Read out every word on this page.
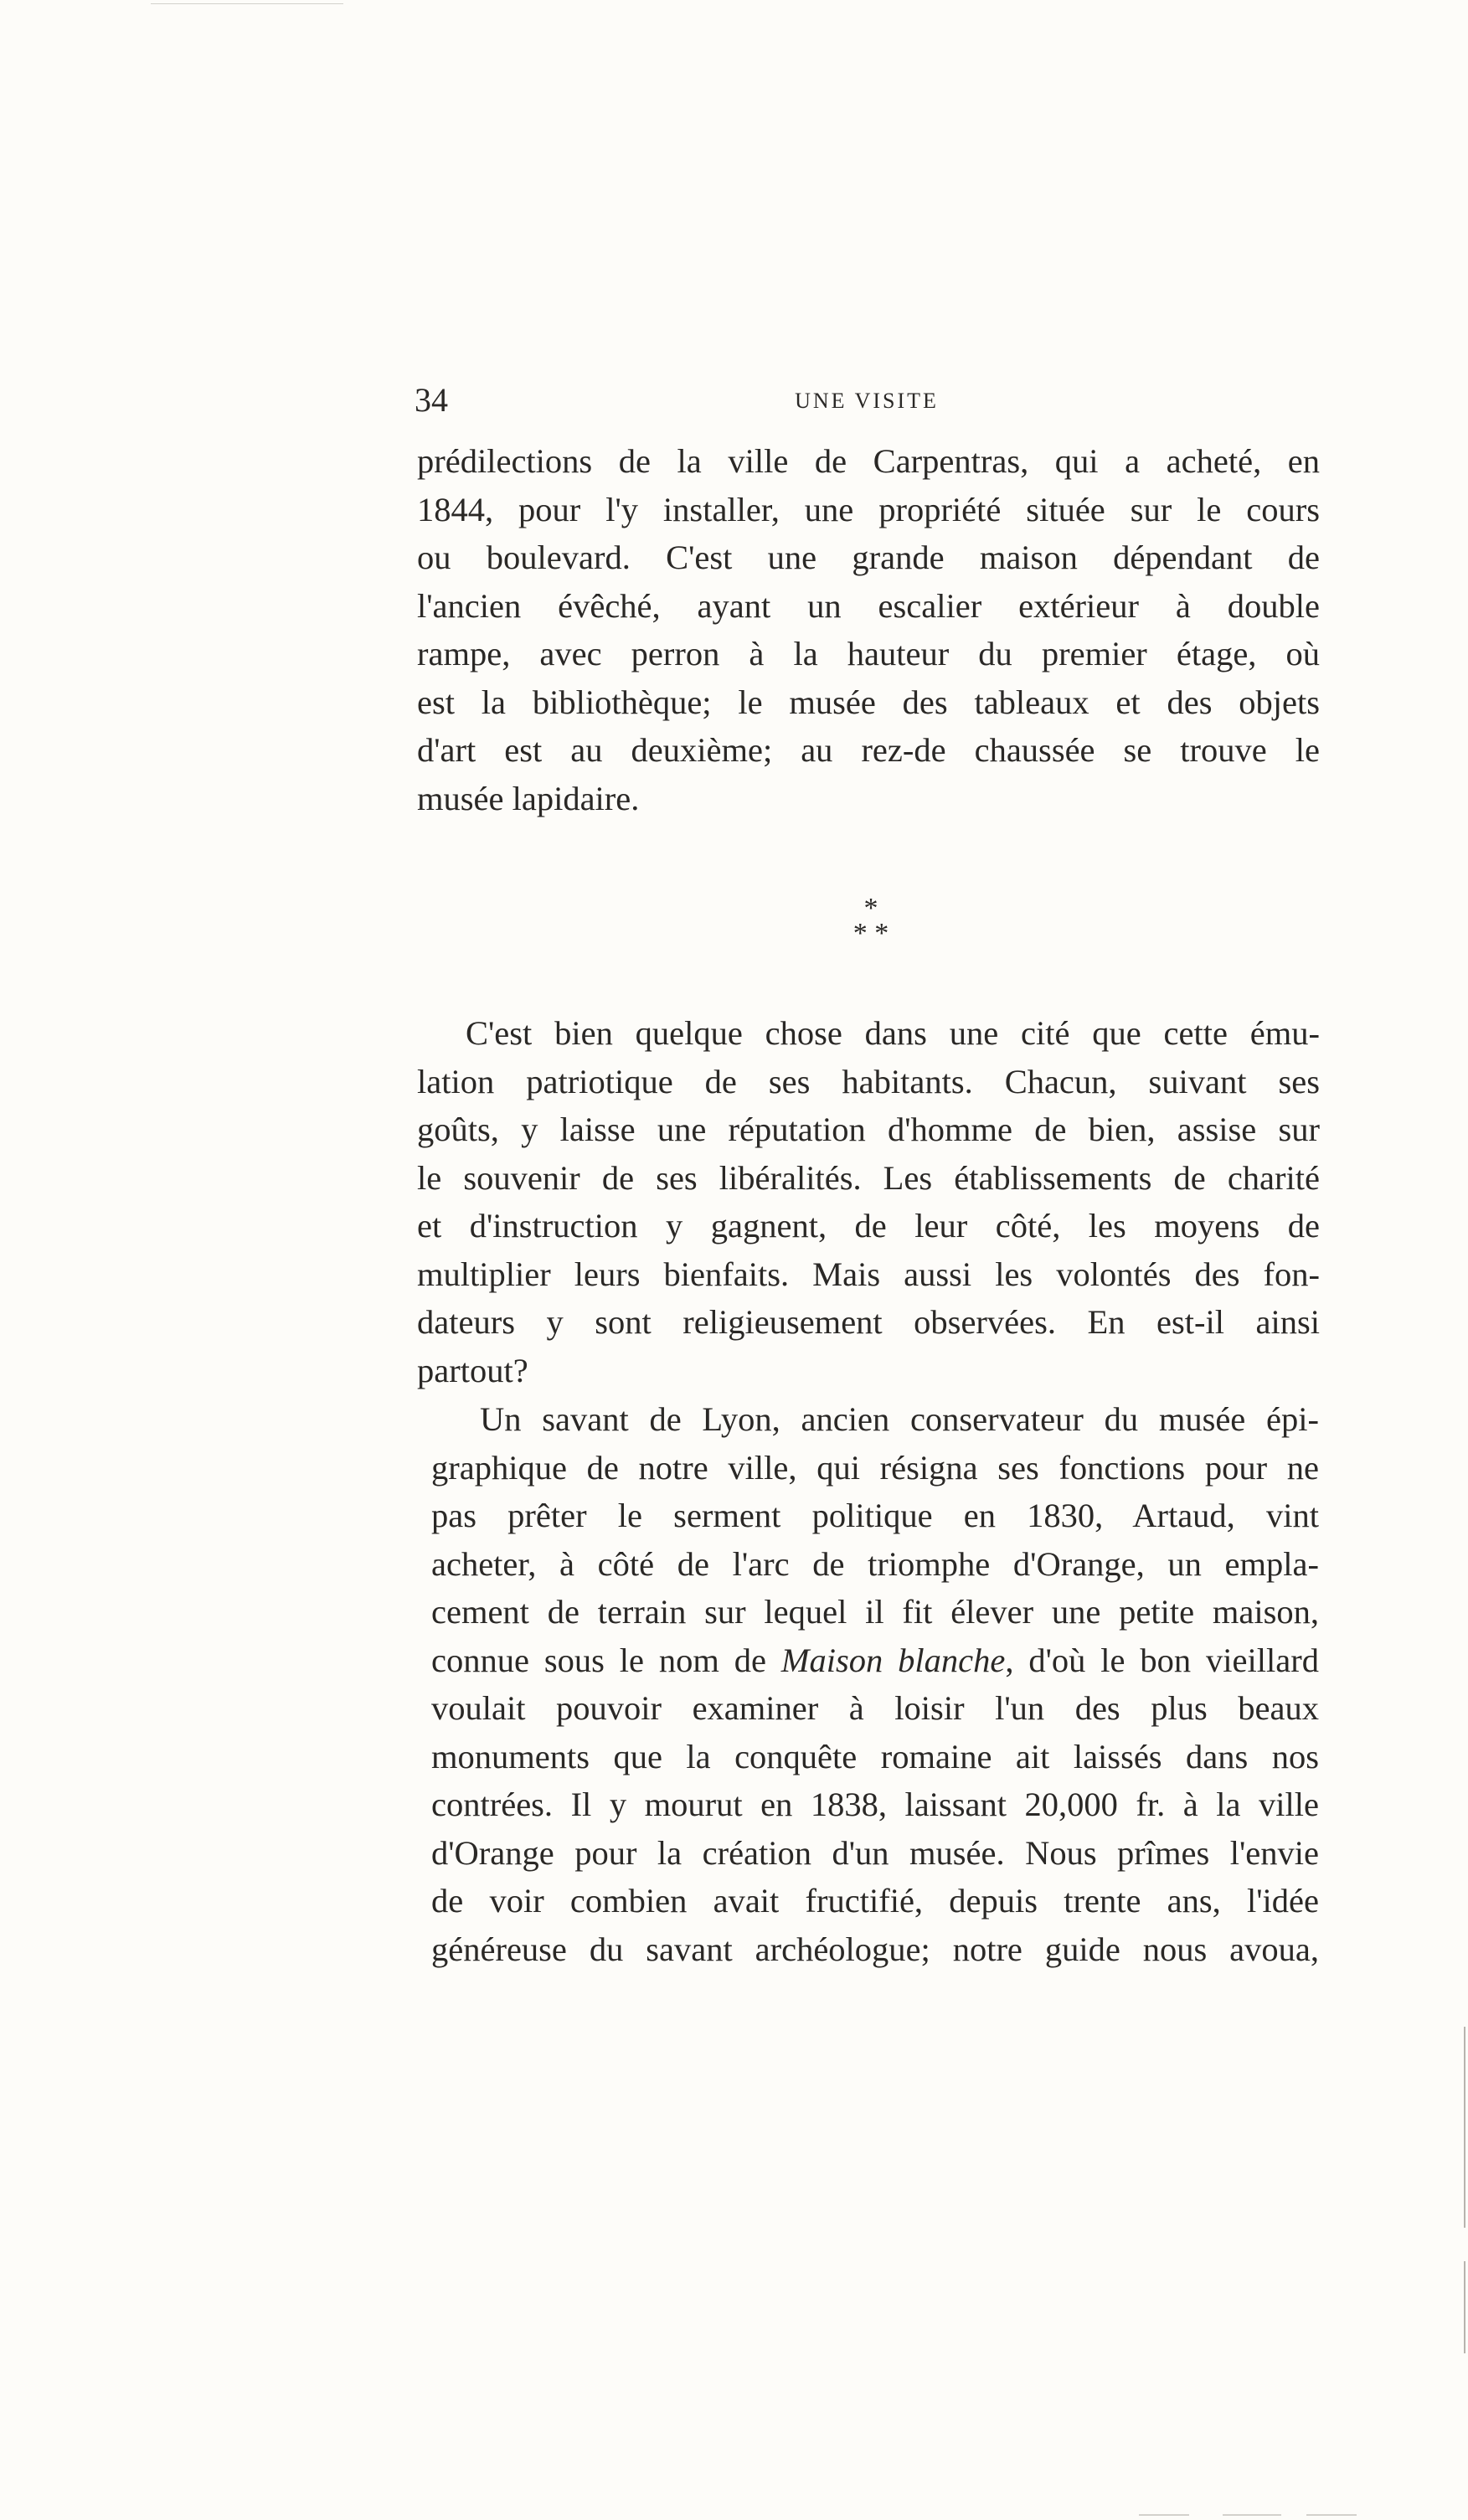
34	UNE VISITE
prédilections de la ville de Carpentras, qui a acheté, en
1844, pour l'y installer, une propriété située sur le cours
ou boulevard. C'est une grande maison dépendant de
l'ancien évêché, ayant un escalier extérieur à double
rampe, avec perron à la hauteur du premier étage, où
est la bibliothèque; le musée des tableaux et des objets
d'art est au deuxième; au rez-de chaussée se trouve le
musée lapidaire.
*
* *
C'est bien quelque chose dans une cité que cette ému-
lation patriotique de ses habitants. Chacun, suivant ses
goûts, y laisse une réputation d'homme de bien, assise sur
le souvenir de ses libéralités. Les établissements de charité
et d'instruction y gagnent, de leur côté, les moyens de
multiplier leurs bienfaits. Mais aussi les volontés des fon-
dateurs y sont religieusement observées. En est-il ainsi
partout?
Un savant de Lyon, ancien conservateur du musée épi-
graphique de notre ville, qui résigna ses fonctions pour ne
pas prêter le serment politique en 1830, Artaud, vint
acheter, à côté de l'arc de triomphe d'Orange, un empla-
cement de terrain sur lequel il fit élever une petite maison,
connue sous le nom de Maison blanche, d'où le bon vieillard
voulait pouvoir examiner à loisir l'un des plus beaux
monuments que la conquête romaine ait laissés dans nos
contrées. Il y mourut en 1838, laissant 20,000 fr. à la ville
d'Orange pour la création d'un musée. Nous prîmes l'envie
de voir combien avait fructifié, depuis trente ans, l'idée
généreuse du savant archéologue; notre guide nous avoua,
